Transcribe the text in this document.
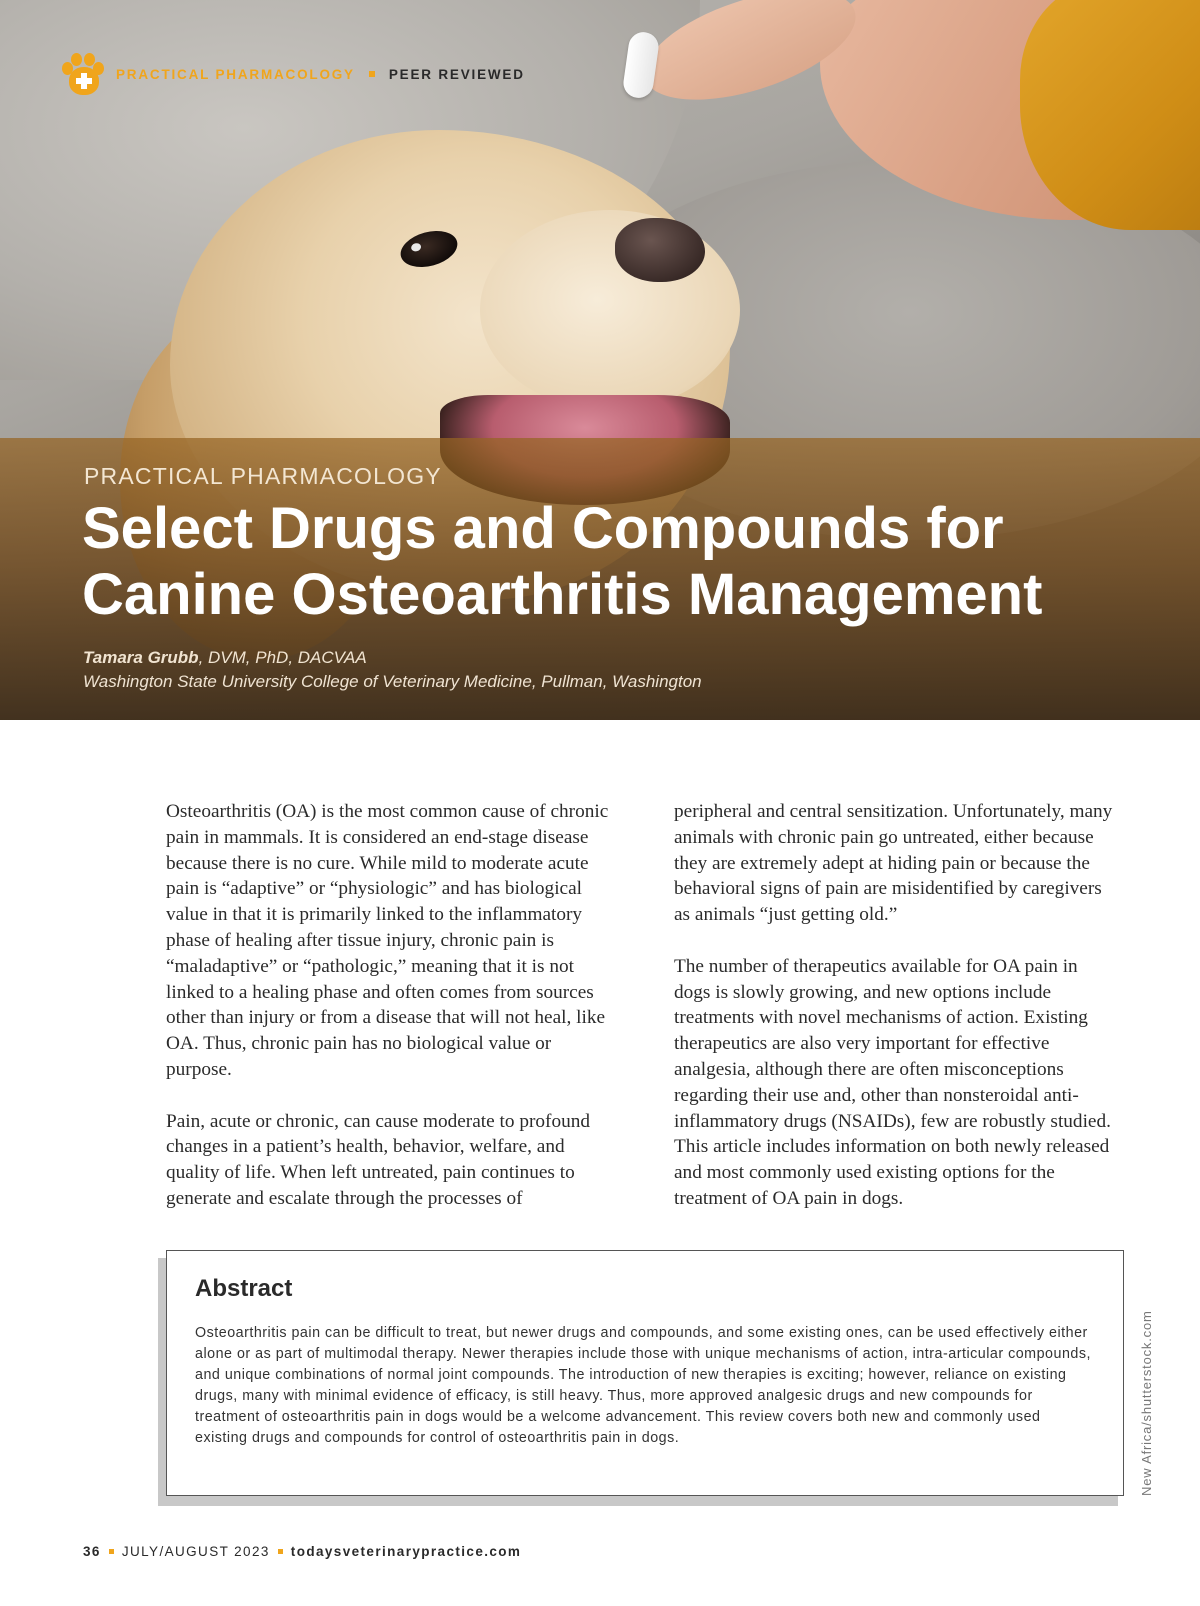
PRACTICAL PHARMACOLOGY	PEER REVIEWED
PRACTICAL PHARMACOLOGY
Select Drugs and Compounds for
Canine Osteoarthritis Management
Tamara Grubb, DVM, PhD, DACVAA
Washington State University College of Veterinary Medicine, Pullman, Washington

Osteoarthritis (OA) is the most common cause of chronic pain in mammals. It is considered an end-stage disease because there is no cure. While mild to moderate acute pain is “adaptive” or “physiologic” and has biological value in that it is primarily linked to the inflammatory phase of healing after tissue injury, chronic pain is “maladaptive” or “pathologic,” meaning that it is not linked to a healing phase and often comes from sources other than injury or from a disease that will not heal, like OA. Thus, chronic pain has no biological value or purpose.

Pain, acute or chronic, can cause moderate to profound changes in a patient’s health, behavior, welfare, and quality of life. When left untreated, pain continues to generate and escalate through the processes of

peripheral and central sensitization. Unfortunately, many animals with chronic pain go untreated, either because they are extremely adept at hiding pain or because the behavioral signs of pain are misidentified by caregivers as animals “just getting old.”

The number of therapeutics available for OA pain in dogs is slowly growing, and new options include treatments with novel mechanisms of action. Existing therapeutics are also very important for effective analgesia, although there are often misconceptions regarding their use and, other than nonsteroidal anti-inflammatory drugs (NSAIDs), few are robustly studied. This article includes information on both newly released and most commonly used existing options for the treatment of OA pain in dogs.

Abstract

Osteoarthritis pain can be difficult to treat, but newer drugs and compounds, and some existing ones, can be used effectively either alone or as part of multimodal therapy. Newer therapies include those with unique mechanisms of action, intra-articular compounds, and unique combinations of normal joint compounds. The introduction of new therapies is exciting; however, reliance on existing drugs, many with minimal evidence of efficacy, is still heavy. Thus, more approved analgesic drugs and new compounds for treatment of osteoarthritis pain in dogs would be a welcome advancement. This review covers both new and commonly used existing drugs and compounds for control of osteoarthritis pain in dogs.	New Africa/shutterstock.com
36 JULY/AUGUST 2023 todaysveterinarypractice.com
